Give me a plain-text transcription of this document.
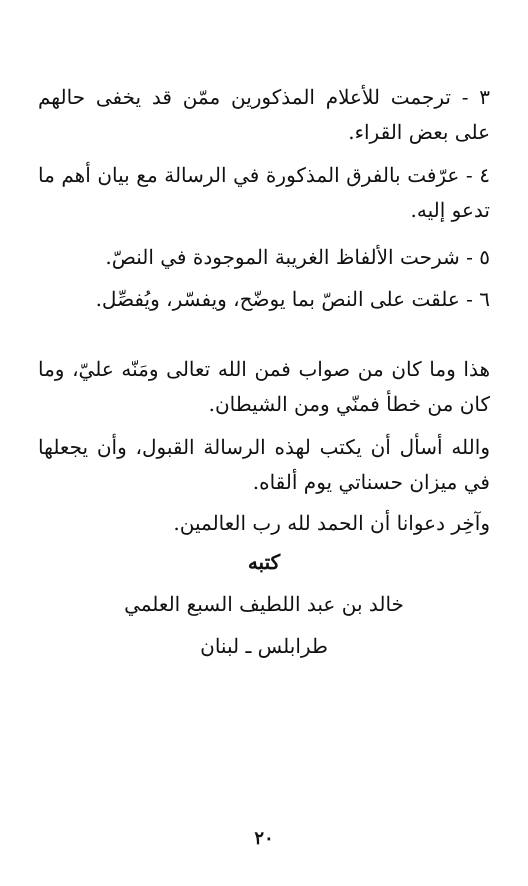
٣ - ترجمت للأعلام المذكورين ممّن قد يخفى حالهم على بعض القراء.
٤ - عرّفت بالفرق المذكورة في الرسالة مع بيان أهم ما تدعو إليه.
٥ - شرحت الألفاظ الغريبة الموجودة في النصّ.
٦ - علقت على النصّ بما يوضّح، ويفسّر، ويُفصِّل.
هذا وما كان من صواب فمن الله تعالى ومَنّه عليّ، وما كان من خطأ فمنّي ومن الشيطان.
والله أسأل أن يكتب لهذه الرسالة القبول، وأن يجعلها في ميزان حسناتي يوم ألقاه.
وآخِر دعوانا أن الحمد لله رب العالمين.
كتبه
خالد بن عبد اللطيف السبع العلمي
طرابلس ـ لبنان
٢٠
